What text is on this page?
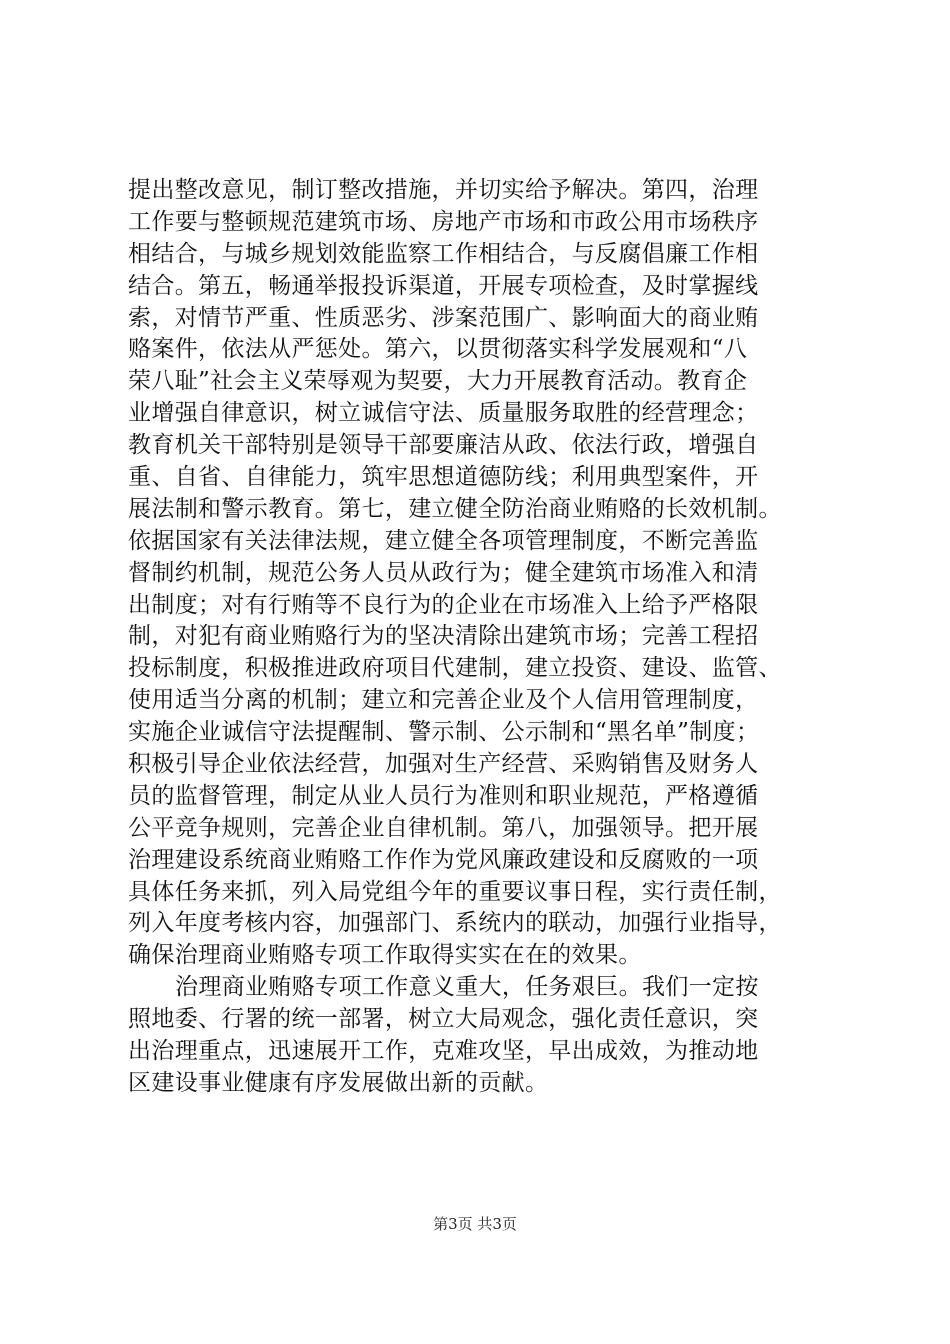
提出整改意见，制订整改措施，并切实给予解决。第四，治理
工作要与整顿规范建筑市场、房地产市场和市政公用市场秩序
相结合，与城乡规划效能监察工作相结合，与反腐倡廉工作相
结合。第五，畅通举报投诉渠道，开展专项检查，及时掌握线
索，对情节严重、性质恶劣、涉案范围广、影响面大的商业贿
赂案件，依法从严惩处。第六，以贯彻落实科学发展观和“八
荣八耻”社会主义荣辱观为契要，大力开展教育活动。教育企
业增强自律意识，树立诚信守法、质量服务取胜的经营理念；
教育机关干部特别是领导干部要廉洁从政、依法行政，增强自
重、自省、自律能力，筑牢思想道德防线；利用典型案件，开
展法制和警示教育。第七，建立健全防治商业贿赂的长效机制。
依据国家有关法律法规，建立健全各项管理制度，不断完善监
督制约机制，规范公务人员从政行为；健全建筑市场准入和清
出制度；对有行贿等不良行为的企业在市场准入上给予严格限
制，对犯有商业贿赂行为的坚决清除出建筑市场；完善工程招
投标制度，积极推进政府项目代建制，建立投资、建设、监管、
使用适当分离的机制；建立和完善企业及个人信用管理制度，
实施企业诚信守法提醒制、警示制、公示制和“黑名单”制度；
积极引导企业依法经营，加强对生产经营、采购销售及财务人
员的监督管理，制定从业人员行为准则和职业规范，严格遵循
公平竞争规则，完善企业自律机制。第八，加强领导。把开展
治理建设系统商业贿赂工作作为党风廉政建设和反腐败的一项
具体任务来抓，列入局党组今年的重要议事日程，实行责任制，
列入年度考核内容，加强部门、系统内的联动，加强行业指导，
确保治理商业贿赂专项工作取得实实在在的效果。
治理商业贿赂专项工作意义重大，任务艰巨。我们一定按
照地委、行署的统一部署，树立大局观念，强化责任意识，突
出治理重点，迅速展开工作，克难攻坚，早出成效，为推动地
区建设事业健康有序发展做出新的贡献。
第3页 共3页
